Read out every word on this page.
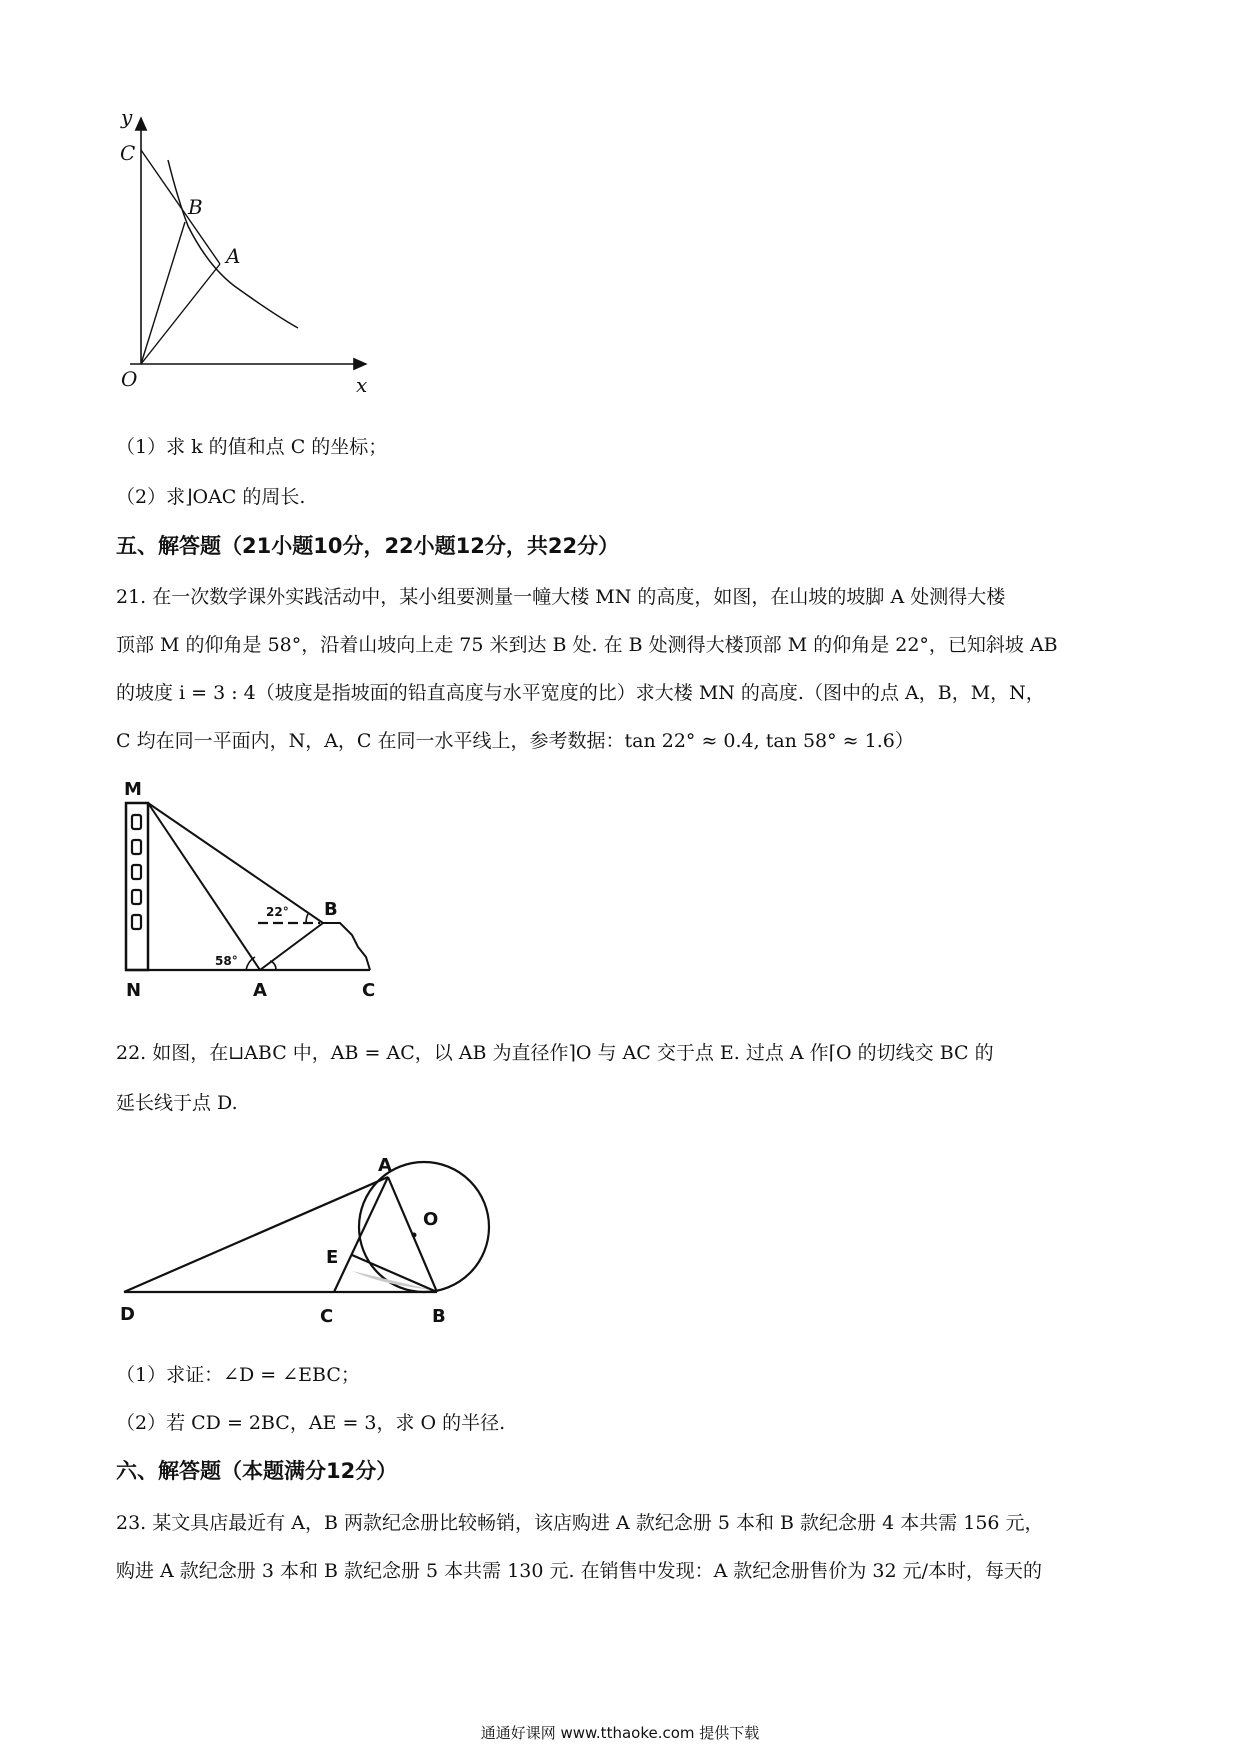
y
C
B
A
O	x
（1）求 k 的值和点 C 的坐标；
（2）求⌋OAC 的周长.
五、解答题（21小题10分，22小题12分，共22分）
21. 在一次数学课外实践活动中，某小组要测量一幢大楼 MN 的高度，如图，在山坡的坡脚 A 处测得大楼
顶部 M 的仰角是 58°，沿着山坡向上走 75 米到达 B 处. 在 B 处测得大楼顶部 M 的仰角是 22°，已知斜坡 AB
的坡度 i = 3 : 4（坡度是指坡面的铅直高度与水平宽度的比）求大楼 MN 的高度.（图中的点 A，B，M，N，
C 均在同一平面内，N，A，C 在同一水平线上，参考数据：tan 22° ≈ 0.4, tan 58° ≈ 1.6）
M
B
22°
58°
N	A	C
22. 如图，在⊔ABC 中，AB = AC，以 AB 为直径作⌉O 与 AC 交于点 E. 过点 A 作⌈O 的切线交 BC 的
延长线于点 D.
A
O
E
D	C	B
（1）求证：∠D = ∠EBC；
（2）若 CD = 2BC，AE = 3，求 O 的半径.
六、解答题（本题满分12分）
23. 某文具店最近有 A，B 两款纪念册比较畅销，该店购进 A 款纪念册 5 本和 B 款纪念册 4 本共需 156 元，
购进 A 款纪念册 3 本和 B 款纪念册 5 本共需 130 元. 在销售中发现：A 款纪念册售价为 32 元/本时，每天的
通通好课网 www.tthaoke.com 提供下载
